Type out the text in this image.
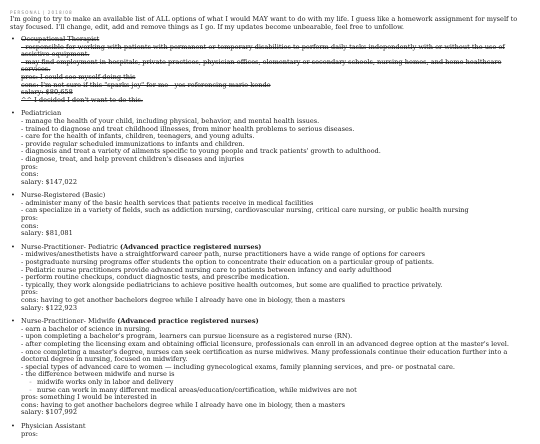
PERSONAL | 2018/08
I'm going to try to make an available list of ALL options of what I would MAY want to do with my life. I guess like a homework assignment for myself to stay focused. I'll change, edit, add and remove things as I go. If my updates become unbearable, feel free to unfollow.
•
Occupational Therapist
- responsible for working with patients with permanent or temporary disabilities to perform daily tasks independently with or without the use of assistive equipment.
- may find employment in hospitals, private practices, physician offices, elementary or secondary schools, nursing homes, and home healthcare services.
pros: I could see myself doing this
cons: I'm not sure if this "sparks joy" for me - yes referencing mario kondo
salary: $80,658
^^ I decided I don't want to do this.
•
Pediatrician
- manage the health of your child, including physical, behavior, and mental health issues.
- trained to diagnose and treat childhood illnesses, from minor health problems to serious diseases.
- care for the health of infants, children, teenagers, and young adults.
- provide regular scheduled immunizations to infants and children.
- diagnosis and treat a variety of ailments specific to young people and track patients' growth to adulthood.
- diagnose, treat, and help prevent children's diseases and injuries
pros:
cons:
salary: $147,022
•
Nurse-Registered (Basic)
- administer many of the basic health services that patients receive in medical facilities
- can specialize in a variety of fields, such as addiction nursing, cardiovascular nursing, critical care nursing, or public health nursing
pros:
cons:
salary: $81,081
•
Nurse-Practitioner- Pediatric (Advanced practice registered nurses)
- midwives/anesthetists have a straightforward career path, nurse practitioners have a wide range of options for careers
- postgraduate nursing programs offer students the option to concentrate their education on a particular group of patients.
- Pediatric nurse practitioners provide advanced nursing care to patients between infancy and early adulthood
- perform routine checkups, conduct diagnostic tests, and prescribe medication.
- typically, they work alongside pediatricians to achieve positive health outcomes, but some are qualified to practice privately.
pros:
cons: having to get another bachelors degree while I already have one in biology, then a masters
salary: $122,923
•
Nurse-Practitioner- Midwife (Advanced practice registered nurses)
- earn a bachelor of science in nursing.
- upon completing a bachelor's program, learners can pursue licensure as a registered nurse (RN).
- after completing the licensing exam and obtaining official licensure, professionals can enroll in an advanced degree option at the master's level.
- once completing a master's degree, nurses can seek certification as nurse midwives. Many professionals continue their education further into a doctoral degree in nursing, focused on midwifery.
- special types of advanced care to women — including gynecological exams, family planning services, and pre- or postnatal care.
- the difference between midwife and nurse is
◦
midwife works only in labor and delivery
◦
nurse can work in many different medical areas/education/certification, while midwives are not
pros: something I would be interested in
cons: having to get another bachelors degree while I already have one in biology, then a masters
salary: $107,992
•
Physician Assistant
pros:
